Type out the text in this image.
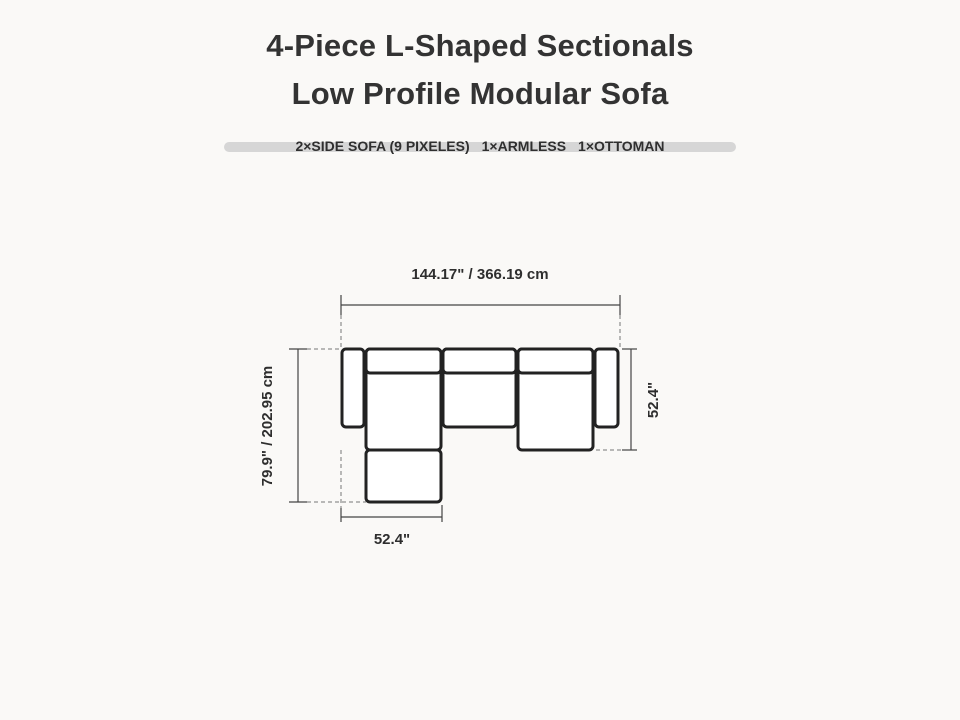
4-Piece L-Shaped Sectionals
Low Profile Modular Sofa
2×SIDE SOFA (9 PIXELES) 1×ARMLESS 1×OTTOMAN
144.17" / 366.19 cm
79.9" / 202.95 cm
52.4"
52.4"
